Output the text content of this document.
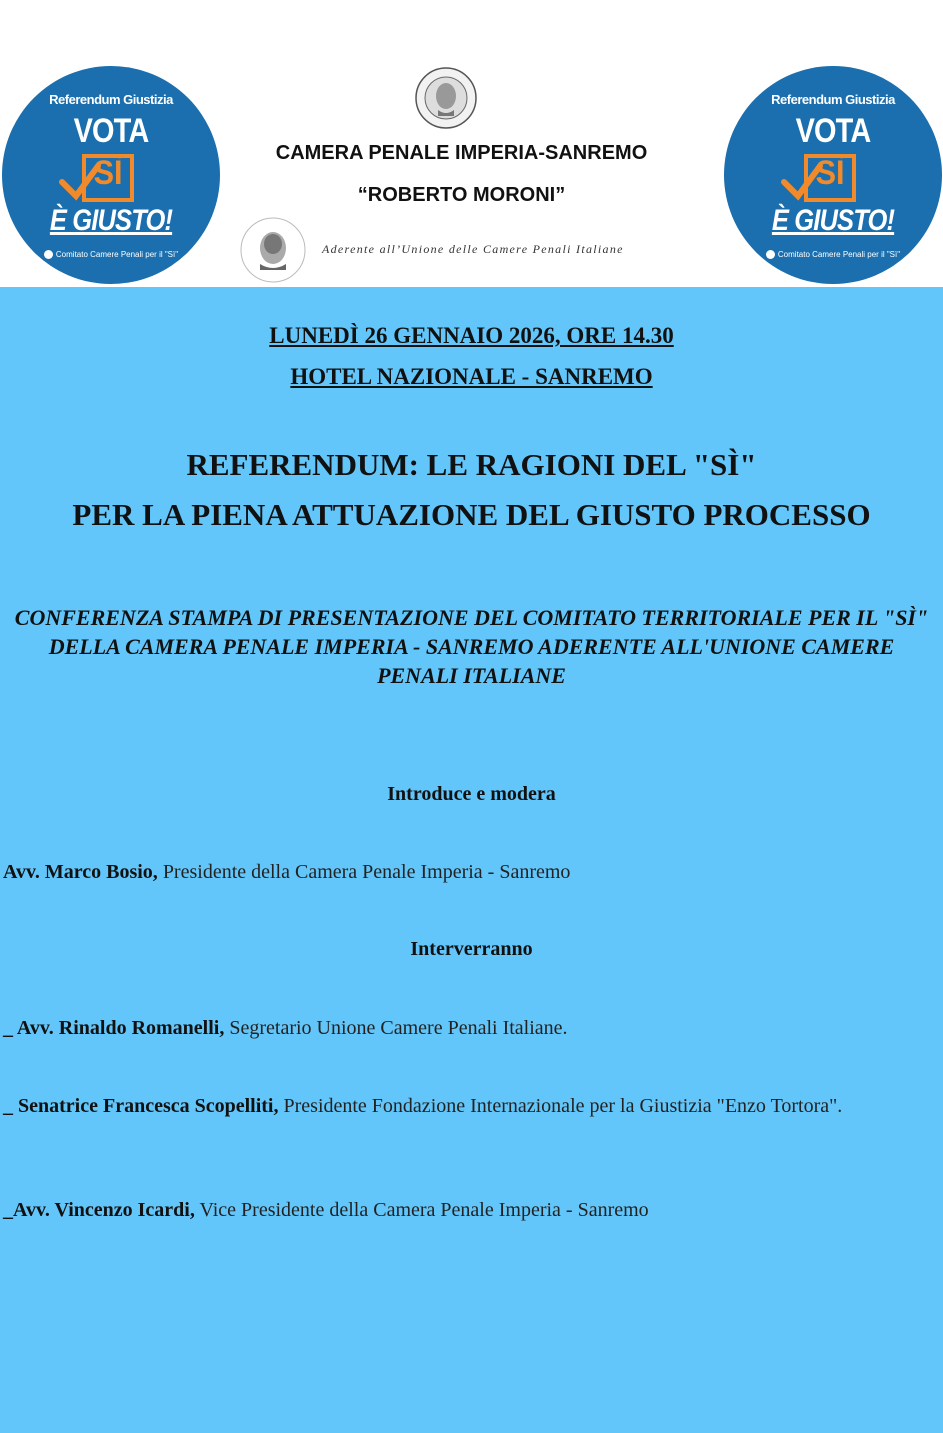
Referendum Giustizia
VOTA
SÌ
È GIUSTO!
Comitato Camere Penali per il "Sì"
CAMERA PENALE IMPERIA-SANREMO
“ROBERTO MORONI”
Aderente all’Unione delle Camere Penali Italiane
Referendum Giustizia
VOTA
SÌ
È GIUSTO!
Comitato Camere Penali per il "Sì"
LUNEDÌ 26 GENNAIO 2026, ORE 14.30
HOTEL NAZIONALE - SANREMO
REFERENDUM: LE RAGIONI DEL "SÌ"
PER LA PIENA ATTUAZIONE DEL GIUSTO PROCESSO
CONFERENZA STAMPA DI PRESENTAZIONE DEL COMITATO TERRITORIALE PER IL "SÌ" DELLA CAMERA PENALE IMPERIA - SANREMO ADERENTE ALL'UNIONE CAMERE PENALI ITALIANE
Introduce e modera
Avv. Marco Bosio, Presidente della Camera Penale Imperia - Sanremo
Interverranno
_ Avv. Rinaldo Romanelli, Segretario Unione Camere Penali Italiane.
_ Senatrice Francesca Scopelliti, Presidente Fondazione Internazionale per la Giustizia "Enzo Tortora".
_Avv. Vincenzo Icardi, Vice Presidente della Camera Penale Imperia - Sanremo
